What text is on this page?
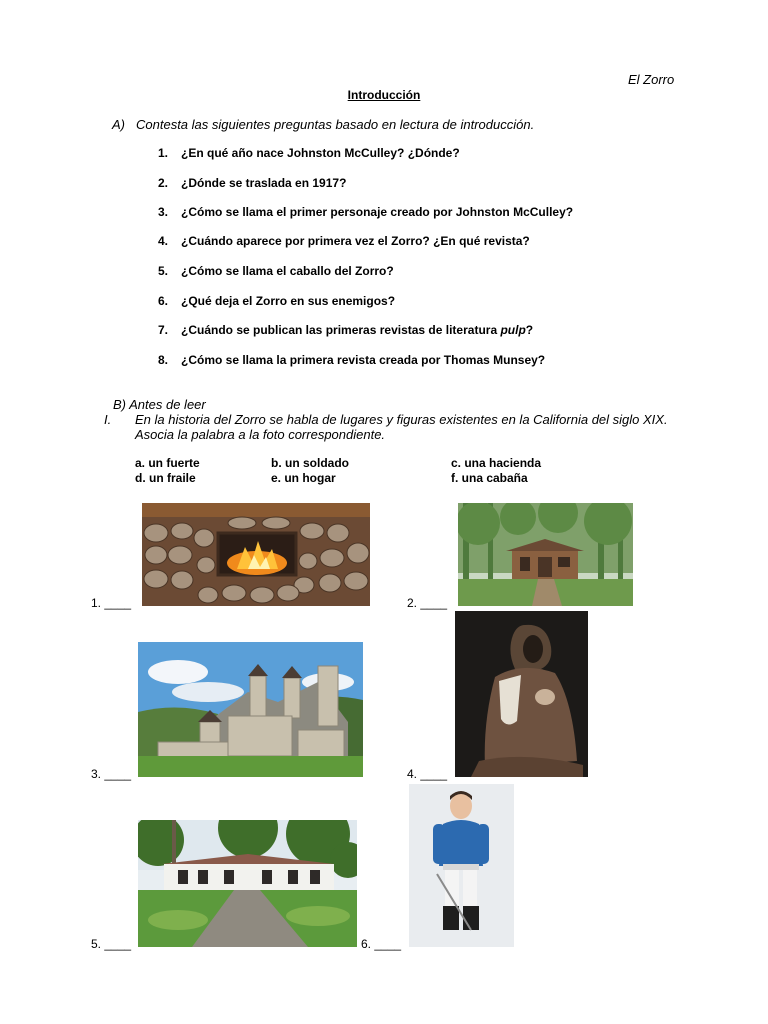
El Zorro
Introducción
A) Contesta las siguientes preguntas basado en lectura de introducción.
1. ¿En qué año nace Johnston McCulley? ¿Dónde?
2. ¿Dónde se traslada en 1917?
3. ¿Cómo se llama el primer personaje creado por Johnston McCulley?
4. ¿Cuándo aparece por primera vez el Zorro? ¿En qué revista?
5. ¿Cómo se llama el caballo del Zorro?
6. ¿Qué deja el Zorro en sus enemigos?
7. ¿Cuándo se publican las primeras revistas de literatura pulp?
8. ¿Cómo se llama la primera revista creada por Thomas Munsey?
B) Antes de leer
I. En la historia del Zorro se habla de lugares y figuras existentes en la California del siglo XIX. Asocia la palabra a la foto correspondiente.
a. un fuerte	b. un soldado	c. una hacienda
d. un fraile	e. un hogar	f. una cabaña
1. ____	2. ____
3. ____	4. ____
5. ____	6. ____
